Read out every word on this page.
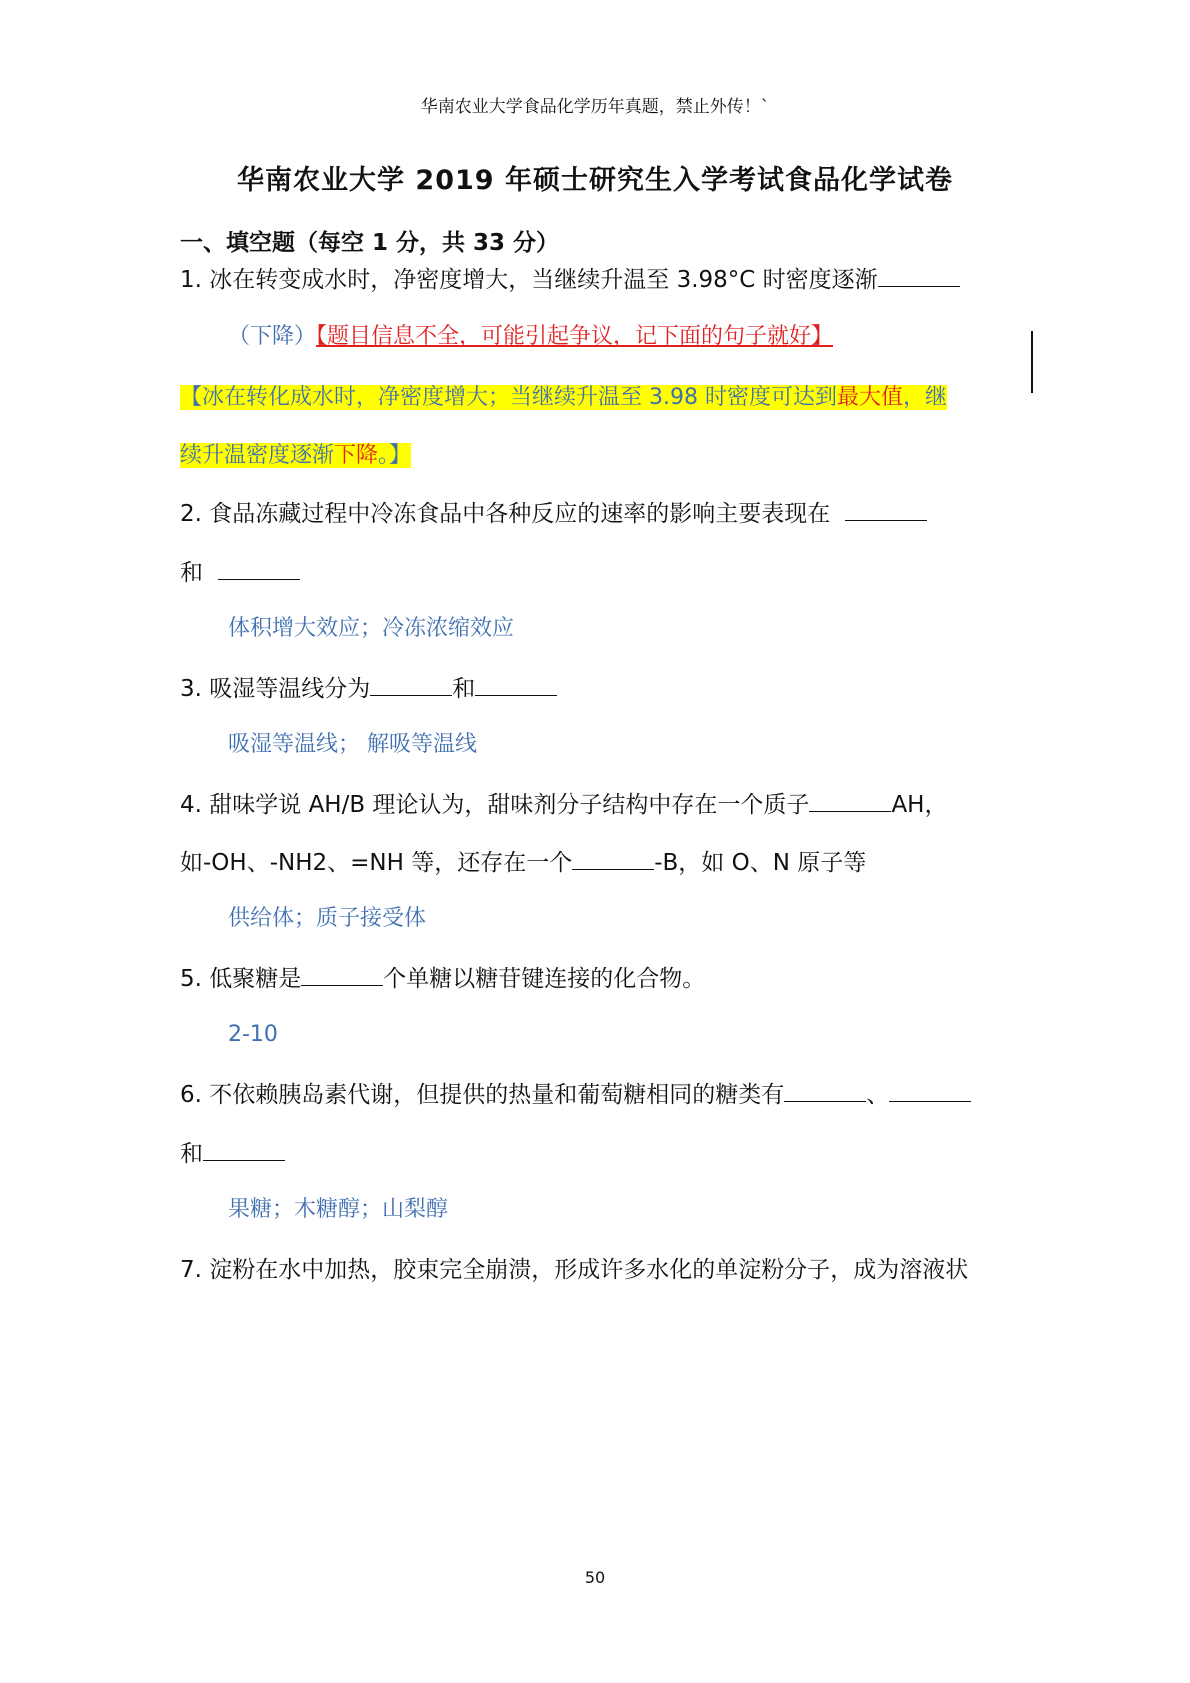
华南农业大学食品化学历年真题，禁止外传！`
华南农业大学 2019 年硕士研究生入学考试食品化学试卷
一、填空题（每空 1 分，共 33 分）
1. 冰在转变成水时，净密度增大，当继续升温至 3.98°C 时密度逐渐
（下降）【题目信息不全，可能引起争议，记下面的句子就好】
【冰在转化成水时，净密度增大；当继续升温至 3.98 时密度可达到最大值，继
续升温密度逐渐下降。】
2. 食品冻藏过程中冷冻食品中各种反应的速率的影响主要表现在
和
体积增大效应；冷冻浓缩效应
3. 吸湿等温线分为	和
吸湿等温线； 解吸等温线
4. 甜味学说 AH/B 理论认为，甜味剂分子结构中存在一个质子	AH，
如-OH、-NH2、=NH 等，还存在一个	-B，如 O、N 原子等
供给体；质子接受体
5. 低聚糖是	个单糖以糖苷键连接的化合物。
2-10
6. 不依赖胰岛素代谢，但提供的热量和葡萄糖相同的糖类有	、
和
果糖；木糖醇；山梨醇
7. 淀粉在水中加热，胶束完全崩溃，形成许多水化的单淀粉分子，成为溶液状
50
